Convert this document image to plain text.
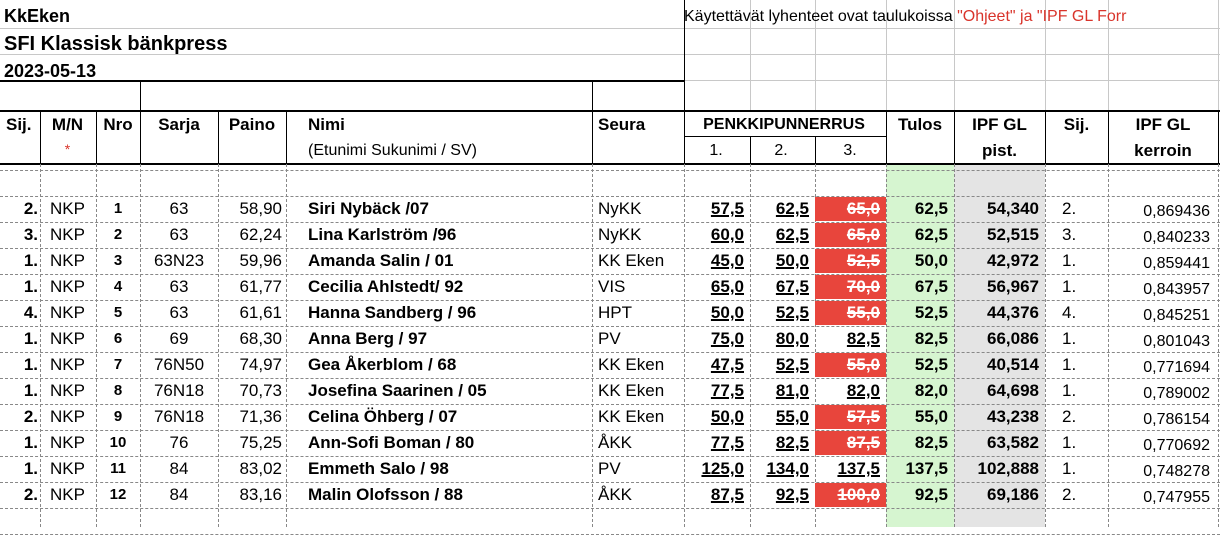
KkEken
SFI Klassisk bänkpress
2023-05-13
Käytettävät lyhenteet ovat taulukoissa "Ohjeet" ja "IPF GL Forr
Sij.	M/N
*
Nro	Sarja	Paino	Nimi
(Etunimi Sukunimi / SV)
Seura	PENKKIPUNNERRUS
1.	2.	3.
Tulos	IPF GL
pist.
Sij.	IPF GL
kerroin
2. NKP	1	63	58,90 Siri Nybäck /07	NyKK	57,5	62,5	65,0	62,5	54,340 2.	0,869436
3. NKP	2	63	62,24 Lina Karlström /96	NyKK	60,0	62,5	65,0	62,5	52,515 3.	0,840233
1. NKP	3	63N23	59,96 Amanda Salin / 01	KK Eken	45,0	50,0	52,5	50,0	42,972 1.	0,859441
1. NKP	4	63	61,77 Cecilia Ahlstedt/ 92	VIS	65,0	67,5	70,0	67,5	56,967 1.	0,843957
4. NKP	5	63	61,61 Hanna Sandberg / 96	HPT	50,0	52,5	55,0	52,5	44,376 4.	0,845251
1. NKP	6	69	68,30 Anna Berg / 97	PV	75,0	80,0	82,5	82,5	66,086 1.	0,801043
1. NKP	7	76N50	74,97 Gea Åkerblom / 68	KK Eken	47,5	52,5	55,0	52,5	40,514 1.	0,771694
1. NKP	8	76N18	70,73 Josefina Saarinen / 05	KK Eken	77,5	81,0	82,0	82,0	64,698 1.	0,789002
2. NKP	9	76N18	71,36 Celina Öhberg / 07	KK Eken	50,0	55,0	57,5	55,0	43,238 2.	0,786154
1. NKP	10	76	75,25 Ann-Sofi Boman / 80	ÅKK	77,5	82,5	87,5	82,5	63,582 1.	0,770692
1. NKP	11	84	83,02 Emmeth Salo / 98	PV	125,0	134,0	137,5	137,5	102,888 1.	0,748278
2. NKP	12	84	83,16 Malin Olofsson / 88	ÅKK	87,5	92,5	100,0	92,5	69,186 2.	0,747955
